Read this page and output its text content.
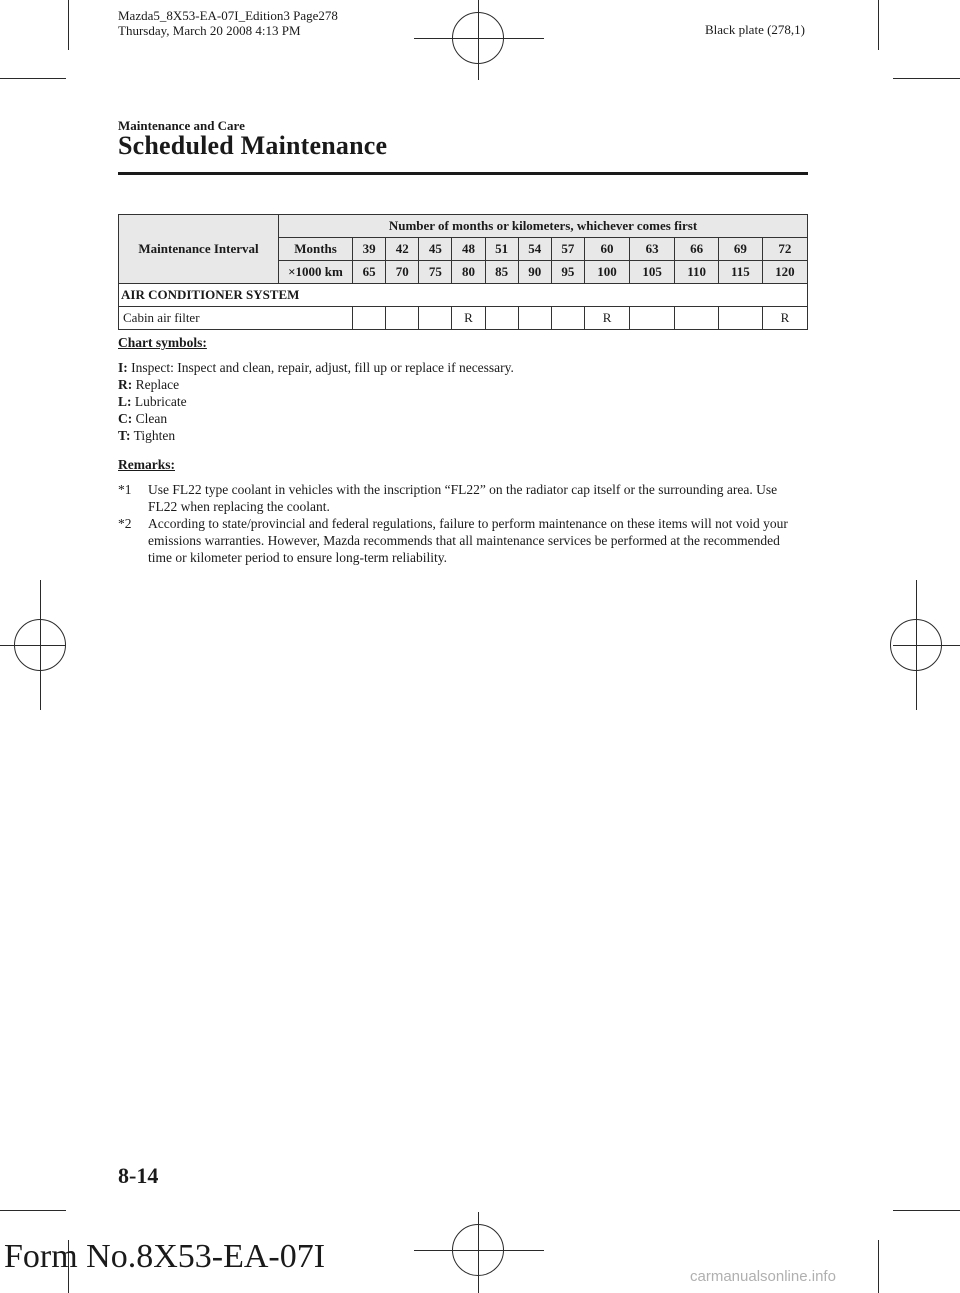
Mazda5_8X53-EA-07I_Edition3 Page278
Thursday, March 20 2008 4:13 PM	Black plate (278,1)
Maintenance and Care
Scheduled Maintenance
Maintenance Interval	Number of months or kilometers, whichever comes first												
	Months	39	42	45	48	51	54	57	60	63	66	69	72
	×1000 km	65	70	75	80	85	90	95	100	105	110	115	120
AIR CONDITIONER SYSTEM													
Cabin air filter					R				R				R
Chart symbols:
I: Inspect: Inspect and clean, repair, adjust, fill up or replace if necessary.
R: Replace
L: Lubricate
C: Clean
T: Tighten
Remarks:
*1 Use FL22 type coolant in vehicles with the inscription “FL22” on the radiator cap itself or the surrounding area. Use FL22 when replacing the coolant.
*2 According to state/provincial and federal regulations, failure to perform maintenance on these items will not void your emissions warranties. However, Mazda recommends that all maintenance services be performed at the recommended time or kilometer period to ensure long-term reliability.
8-14
Form No.8X53-EA-07I
carmanualsonline.info
